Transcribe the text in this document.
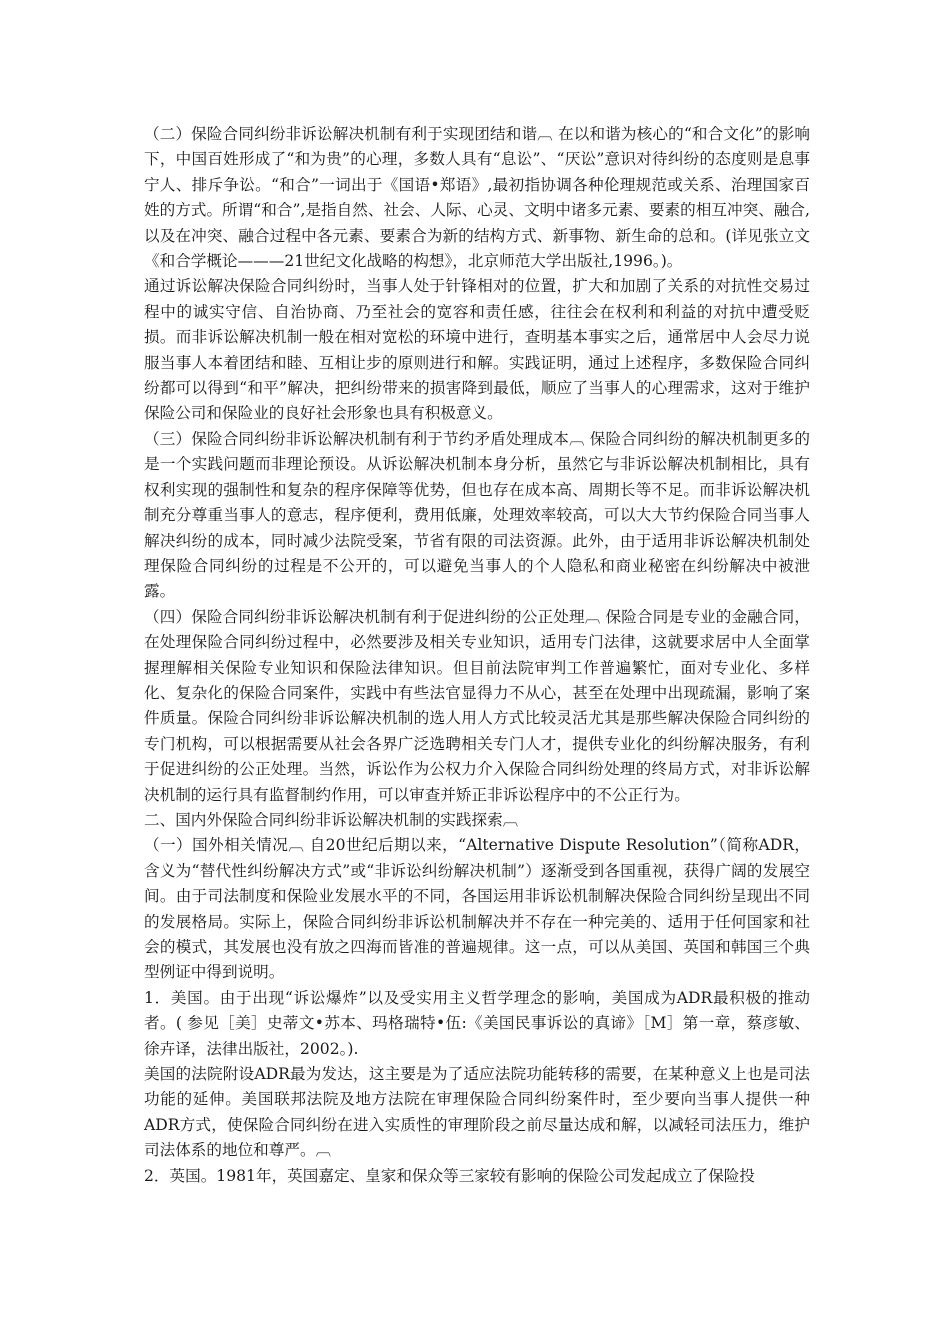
（二）保险合同纠纷非诉讼解决机制有利于实现团结和谐︹ 在以和谐为核心的“和合文化”的影响下，中国百姓形成了“和为贵”的心理，多数人具有“息讼”、“厌讼”意识对待纠纷的态度则是息事宁人、排斥争讼。“和合”一词出于《国语•郑语》,最初指协调各种伦理规范或关系、治理国家百姓的方式。所谓“和合”,是指自然、社会、人际、心灵、文明中诸多元素、要素的相互冲突、融合,以及在冲突、融合过程中各元素、要素合为新的结构方式、新事物、新生命的总和。(详见张立文《和合学概论———21世纪文化战略的构想》，北京师范大学出版社,1996。)。

通过诉讼解决保险合同纠纷时，当事人处于针锋相对的位置，扩大和加剧了关系的对抗性交易过程中的诚实守信、自治协商、乃至社会的宽容和责任感，往往会在权利和利益的对抗中遭受贬损。而非诉讼解决机制一般在相对宽松的环境中进行，查明基本事实之后，通常居中人会尽力说服当事人本着团结和睦、互相让步的原则进行和解。实践证明，通过上述程序，多数保险合同纠纷都可以得到“和平”解决，把纠纷带来的损害降到最低，顺应了当事人的心理需求，这对于维护保险公司和保险业的良好社会形象也具有积极意义。

（三）保险合同纠纷非诉讼解决机制有利于节约矛盾处理成本︹ 保险合同纠纷的解决机制更多的是一个实践问题而非理论预设。从诉讼解决机制本身分析，虽然它与非诉讼解决机制相比，具有权利实现的强制性和复杂的程序保障等优势，但也存在成本高、周期长等不足。而非诉讼解决机制充分尊重当事人的意志，程序便利，费用低廉，处理效率较高，可以大大节约保险合同当事人解决纠纷的成本，同时减少法院受案，节省有限的司法资源。此外，由于适用非诉讼解决机制处理保险合同纠纷的过程是不公开的，可以避免当事人的个人隐私和商业秘密在纠纷解决中被泄露。

（四）保险合同纠纷非诉讼解决机制有利于促进纠纷的公正处理︹ 保险合同是专业的金融合同，在处理保险合同纠纷过程中，必然要涉及相关专业知识，适用专门法律，这就要求居中人全面掌握理解相关保险专业知识和保险法律知识。但目前法院审判工作普遍繁忙，面对专业化、多样化、复杂化的保险合同案件，实践中有些法官显得力不从心，甚至在处理中出现疏漏，影响了案件质量。保险合同纠纷非诉讼解决机制的选人用人方式比较灵活尤其是那些解决保险合同纠纷的专门机构，可以根据需要从社会各界广泛选聘相关专门人才，提供专业化的纠纷解决服务，有利于促进纠纷的公正处理。当然，诉讼作为公权力介入保险合同纠纷处理的终局方式，对非诉讼解决机制的运行具有监督制约作用，可以审查并矫正非诉讼程序中的不公正行为。

二、国内外保险合同纠纷非诉讼解决机制的实践探索︹

（一）国外相关情况︹ 自20世纪后期以来，“Alternative Dispute Resolution”（简称ADR，含义为“替代性纠纷解决方式”或“非诉讼纠纷解决机制”）逐渐受到各国重视，获得广阔的发展空间。由于司法制度和保险业发展水平的不同，各国运用非诉讼机制解决保险合同纠纷呈现出不同的发展格局。实际上，保险合同纠纷非诉讼机制解决并不存在一种完美的、适用于任何国家和社会的模式，其发展也没有放之四海而皆准的普遍规律。这一点，可以从美国、英国和韩国三个典型例证中得到说明。

1．美国。由于出现“诉讼爆炸”以及受实用主义哲学理念的影响，美国成为ADR最积极的推动者。( 参见［美］史蒂文•苏本、玛格瑞特•伍:《美国民事诉讼的真谛》［M］第一章，蔡彦敏、徐卉译，法律出版社，2002。).

美国的法院附设ADR最为发达，这主要是为了适应法院功能转移的需要，在某种意义上也是司法功能的延伸。美国联邦法院及地方法院在审理保险合同纠纷案件时，至少要向当事人提供一种ADR方式，使保险合同纠纷在进入实质性的审理阶段之前尽量达成和解，以减轻司法压力，维护司法体系的地位和尊严。︹

2．英国。1981年，英国嘉定、皇家和保众等三家较有影响的保险公司发起成立了保险投
